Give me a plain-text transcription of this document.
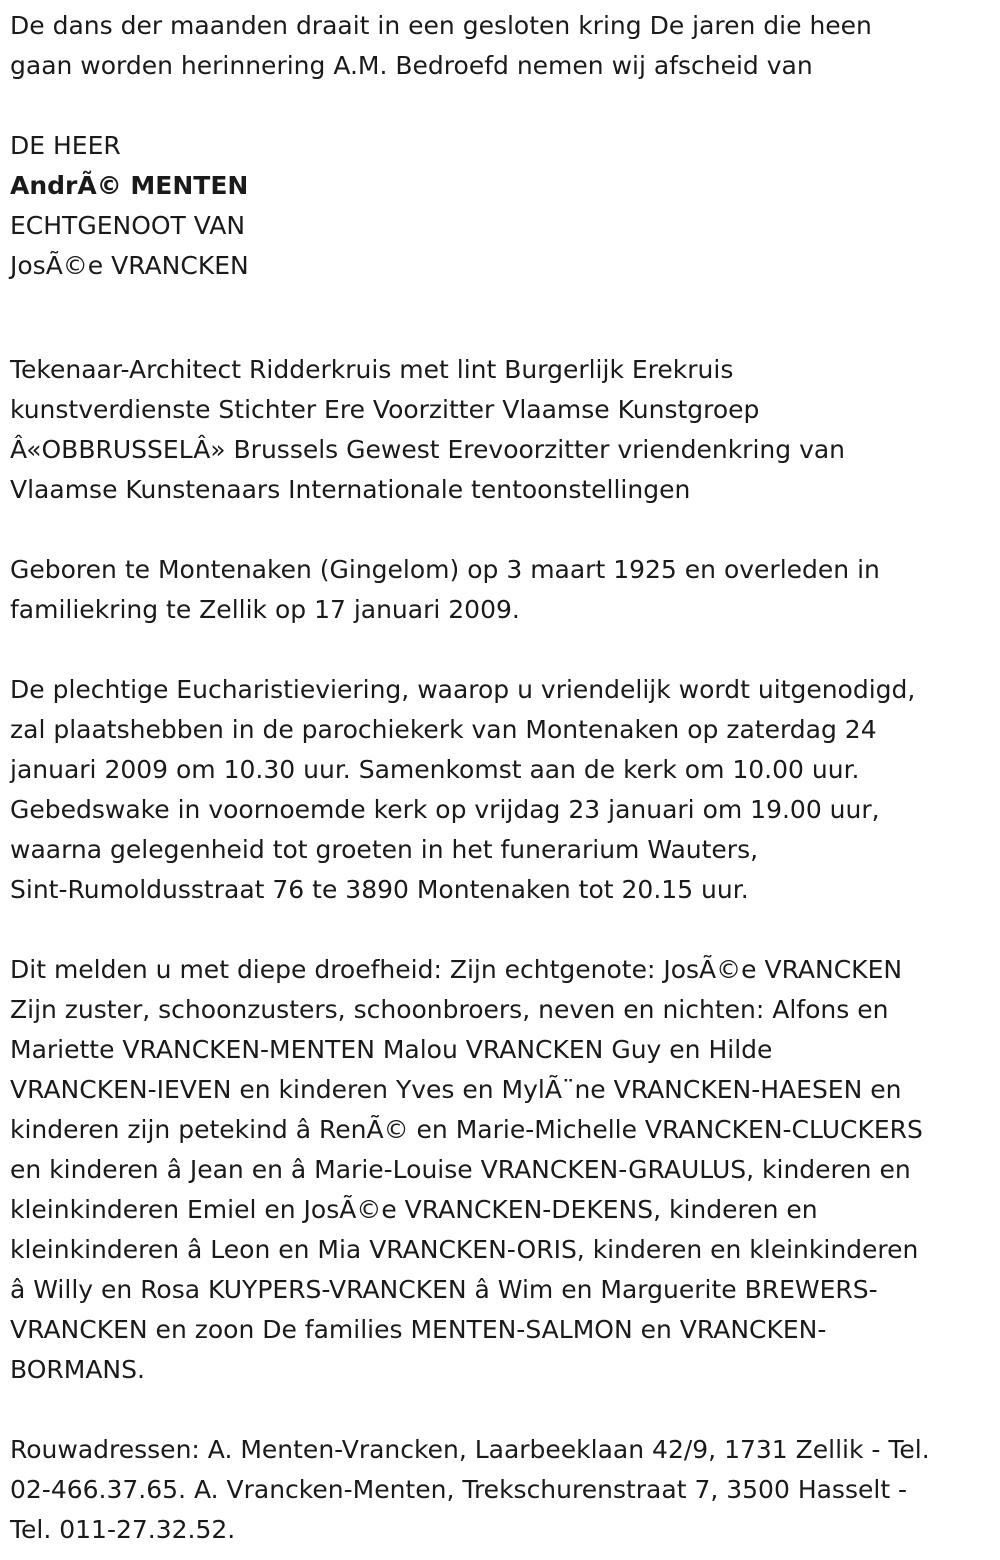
De dans der maanden draait in een gesloten kring De jaren die heen
gaan worden herinnering A.M. Bedroefd nemen wij afscheid van
DE HEER
AndrÃ© MENTEN
ECHTGENOOT VAN
JosÃ©e VRANCKEN
Tekenaar-Architect Ridderkruis met lint Burgerlijk Erekruis
kunstverdienste Stichter Ere Voorzitter Vlaamse Kunstgroep
Â«OBBRUSSELÂ» Brussels Gewest Erevoorzitter vriendenkring van
Vlaamse Kunstenaars Internationale tentoonstellingen
Geboren te Montenaken (Gingelom) op 3 maart 1925 en overleden in
familiekring te Zellik op 17 januari 2009.
De plechtige Eucharistieviering, waarop u vriendelijk wordt uitgenodigd,
zal plaatshebben in de parochiekerk van Montenaken op zaterdag 24
januari 2009 om 10.30 uur. Samenkomst aan de kerk om 10.00 uur.
Gebedswake in voornoemde kerk op vrijdag 23 januari om 19.00 uur,
waarna gelegenheid tot groeten in het funerarium Wauters,
Sint-Rumoldusstraat 76 te 3890 Montenaken tot 20.15 uur.
Dit melden u met diepe droefheid: Zijn echtgenote: JosÃ©e VRANCKEN
Zijn zuster, schoonzusters, schoonbroers, neven en nichten: Alfons en
Mariette VRANCKEN-MENTEN Malou VRANCKEN Guy en Hilde
VRANCKEN-IEVEN en kinderen Yves en MylÃ¨ne VRANCKEN-HAESEN en
kinderen zijn petekind â RenÃ© en Marie-Michelle VRANCKEN-CLUCKERS
en kinderen â Jean en â Marie-Louise VRANCKEN-GRAULUS, kinderen en
kleinkinderen Emiel en JosÃ©e VRANCKEN-DEKENS, kinderen en
kleinkinderen â Leon en Mia VRANCKEN-ORIS, kinderen en kleinkinderen
â Willy en Rosa KUYPERS-VRANCKEN â Wim en Marguerite BREWERS-
VRANCKEN en zoon De families MENTEN-SALMON en VRANCKEN-
BORMANS.
Rouwadressen: A. Menten-Vrancken, Laarbeeklaan 42/9, 1731 Zellik - Tel.
02-466.37.65. A. Vrancken-Menten, Trekschurenstraat 7, 3500 Hasselt -
Tel. 011-27.32.52.
